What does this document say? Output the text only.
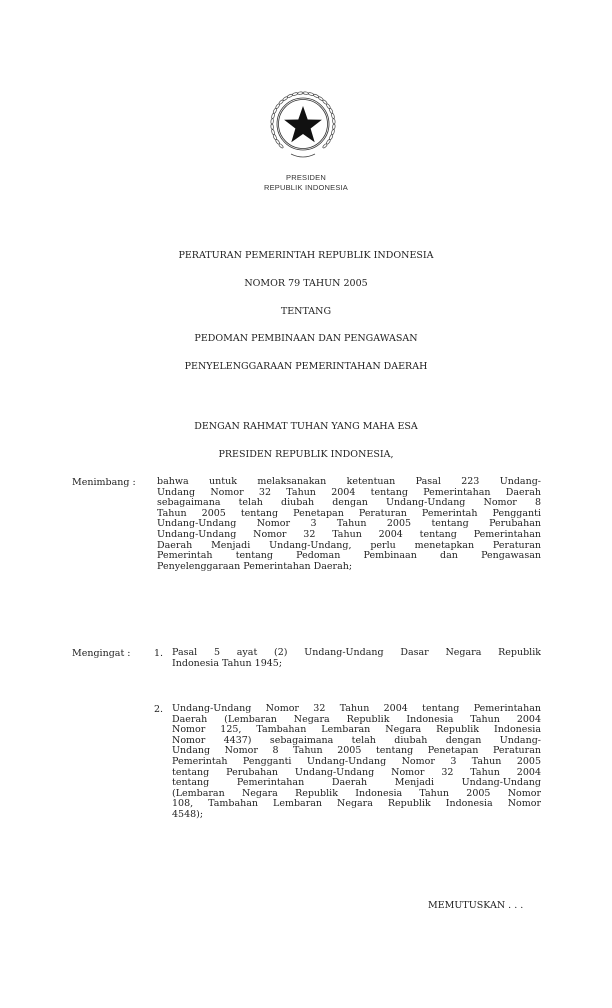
PRESIDEN
REPUBLIK INDONESIA
PERATURAN PEMERINTAH REPUBLIK INDONESIA
NOMOR 79 TAHUN 2005
TENTANG
PEDOMAN PEMBINAAN DAN PENGAWASAN
PENYELENGGARAAN PEMERINTAHAN DAERAH
DENGAN RAHMAT TUHAN YANG MAHA ESA
PRESIDEN REPUBLIK INDONESIA,
Menimbang : bahwa untuk melaksanakan ketentuan Pasal 223 Undang-
Undang Nomor 32 Tahun 2004 tentang Pemerintahan Daerah
sebagaimana telah diubah dengan Undang-Undang Nomor 8
Tahun 2005 tentang Penetapan Peraturan Pemerintah Pengganti
Undang-Undang Nomor 3 Tahun 2005 tentang Perubahan
Undang-Undang Nomor 32 Tahun 2004 tentang Pemerintahan
Daerah Menjadi Undang-Undang, perlu menetapkan Peraturan
Pemerintah tentang Pedoman Pembinaan dan Pengawasan
Penyelenggaraan Pemerintahan Daerah;
Mengingat : 1. Pasal 5 ayat (2) Undang-Undang Dasar Negara Republik
Indonesia Tahun 1945;
2. Undang-Undang Nomor 32 Tahun 2004 tentang Pemerintahan
Daerah (Lembaran Negara Republik Indonesia Tahun 2004
Nomor 125, Tambahan Lembaran Negara Republik Indonesia
Nomor 4437) sebagaimana telah diubah dengan Undang-
Undang Nomor 8 Tahun 2005 tentang Penetapan Peraturan
Pemerintah Pengganti Undang-Undang Nomor 3 Tahun 2005
tentang Perubahan Undang-Undang Nomor 32 Tahun 2004
tentang Pemerintahan Daerah Menjadi Undang-Undang
(Lembaran Negara Republik Indonesia Tahun 2005 Nomor
108, Tambahan Lembaran Negara Republik Indonesia Nomor
4548);
MEMUTUSKAN . . .
